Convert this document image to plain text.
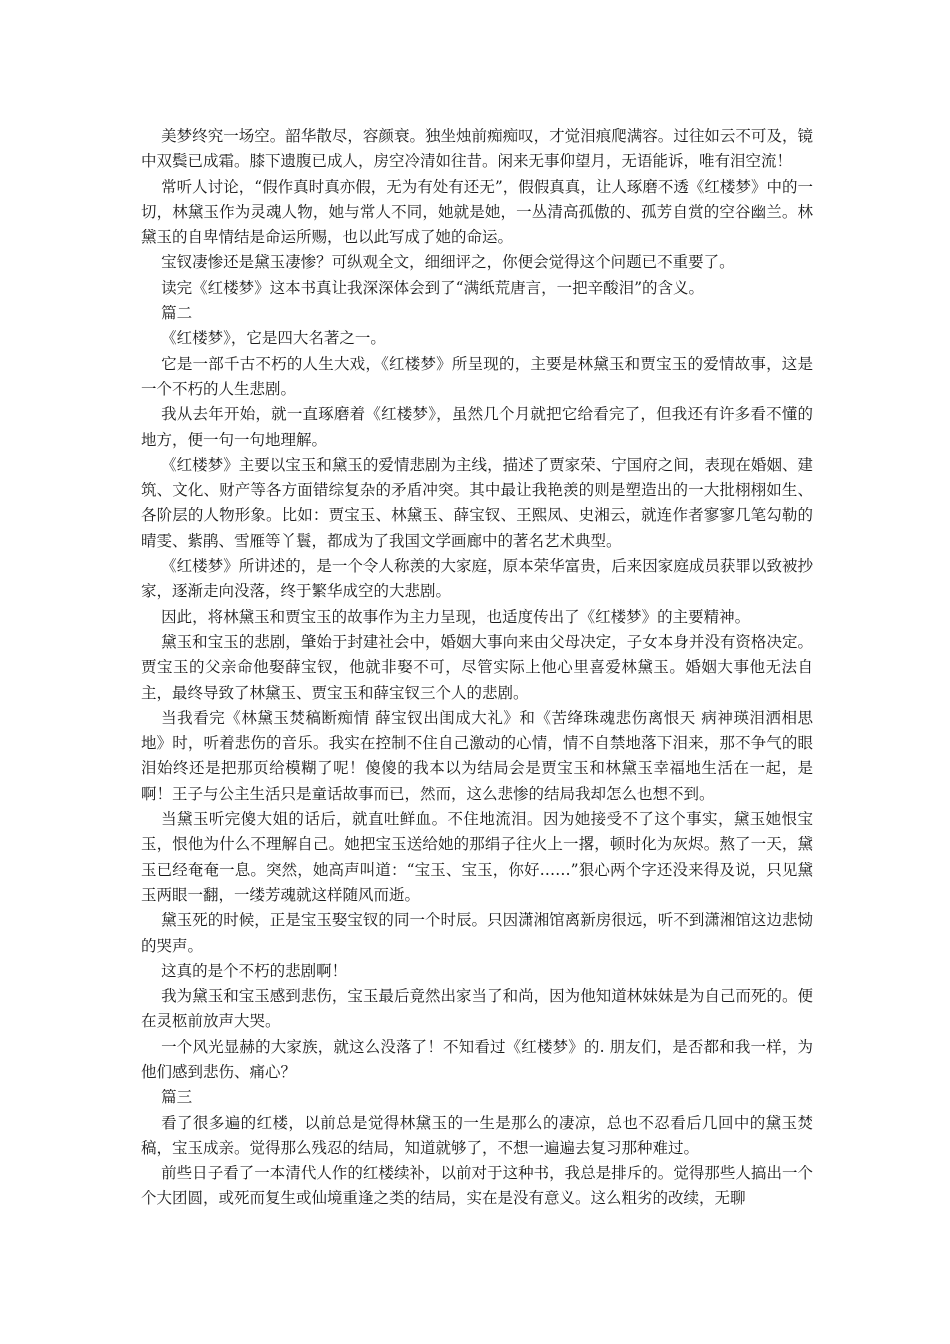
美梦终究一场空。韶华散尽，容颜衰。独坐烛前痴痴叹，才觉泪痕爬满容。过往如云不可及，镜中双鬓已成霜。膝下遗腹已成人，房空冷清如往昔。闲来无事仰望月，无语能诉，唯有泪空流！

常听人讨论，“假作真时真亦假，无为有处有还无”，假假真真，让人琢磨不透《红楼梦》中的一切，林黛玉作为灵魂人物，她与常人不同，她就是她，一丛清高孤傲的、孤芳自赏的空谷幽兰。林黛玉的自卑情结是命运所赐，也以此写成了她的命运。

宝钗凄惨还是黛玉凄惨？可纵观全文，细细评之，你便会觉得这个问题已不重要了。

读完《红楼梦》这本书真让我深深体会到了“满纸荒唐言，一把辛酸泪”的含义。

篇二

《红楼梦》，它是四大名著之一。

它是一部千古不朽的人生大戏，《红楼梦》所呈现的，主要是林黛玉和贾宝玉的爱情故事，这是一个不朽的人生悲剧。

我从去年开始，就一直琢磨着《红楼梦》，虽然几个月就把它给看完了，但我还有许多看不懂的地方，便一句一句地理解。

《红楼梦》主要以宝玉和黛玉的爱情悲剧为主线，描述了贾家荣、宁国府之间，表现在婚姻、建筑、文化、财产等各方面错综复杂的矛盾冲突。其中最让我艳羡的则是塑造出的一大批栩栩如生、各阶层的人物形象。比如：贾宝玉、林黛玉、薛宝钗、王熙凤、史湘云，就连作者寥寥几笔勾勒的晴雯、紫鹃、雪雁等丫鬟，都成为了我国文学画廊中的著名艺术典型。

《红楼梦》所讲述的，是一个令人称羡的大家庭，原本荣华富贵，后来因家庭成员获罪以致被抄家，逐渐走向没落，终于繁华成空的大悲剧。

因此，将林黛玉和贾宝玉的故事作为主力呈现，也适度传出了《红楼梦》的主要精神。

黛玉和宝玉的悲剧，肇始于封建社会中，婚姻大事向来由父母决定，子女本身并没有资格决定。贾宝玉的父亲命他娶薛宝钗，他就非娶不可，尽管实际上他心里喜爱林黛玉。婚姻大事他无法自主，最终导致了林黛玉、贾宝玉和薛宝钗三个人的悲剧。

当我看完《林黛玉焚稿断痴情 薛宝钗出闺成大礼》和《苦绛珠魂悲伤离恨天 病神瑛泪洒相思地》时，听着悲伤的音乐。我实在控制不住自己激动的心情，情不自禁地落下泪来，那不争气的眼泪始终还是把那页给模糊了呢！傻傻的我本以为结局会是贾宝玉和林黛玉幸福地生活在一起，是啊！王子与公主生活只是童话故事而已，然而，这么悲惨的结局我却怎么也想不到。

当黛玉听完傻大姐的话后，就直吐鲜血。不住地流泪。因为她接受不了这个事实，黛玉她恨宝玉，恨他为什么不理解自己。她把宝玉送给她的那绢子往火上一撂，顿时化为灰烬。熬了一天，黛玉已经奄奄一息。突然，她高声叫道：“宝玉、宝玉，你好……”狠心两个字还没来得及说，只见黛玉两眼一翻，一缕芳魂就这样随风而逝。

黛玉死的时候，正是宝玉娶宝钗的同一个时辰。只因潇湘馆离新房很远，听不到潇湘馆这边悲恸的哭声。

这真的是个不朽的悲剧啊！

我为黛玉和宝玉感到悲伤，宝玉最后竟然出家当了和尚，因为他知道林妹妹是为自己而死的。便在灵柩前放声大哭。

一个风光显赫的大家族，就这么没落了！不知看过《红楼梦》的. 朋友们，是否都和我一样，为他们感到悲伤、痛心？

篇三

看了很多遍的红楼，以前总是觉得林黛玉的一生是那么的凄凉，总也不忍看后几回中的黛玉焚稿，宝玉成亲。觉得那么残忍的结局，知道就够了，不想一遍遍去复习那种难过。

前些日子看了一本清代人作的红楼续补，以前对于这种书，我总是排斥的。觉得那些人搞出一个个大团圆，或死而复生或仙境重逢之类的结局，实在是没有意义。这么粗劣的改续，无聊
